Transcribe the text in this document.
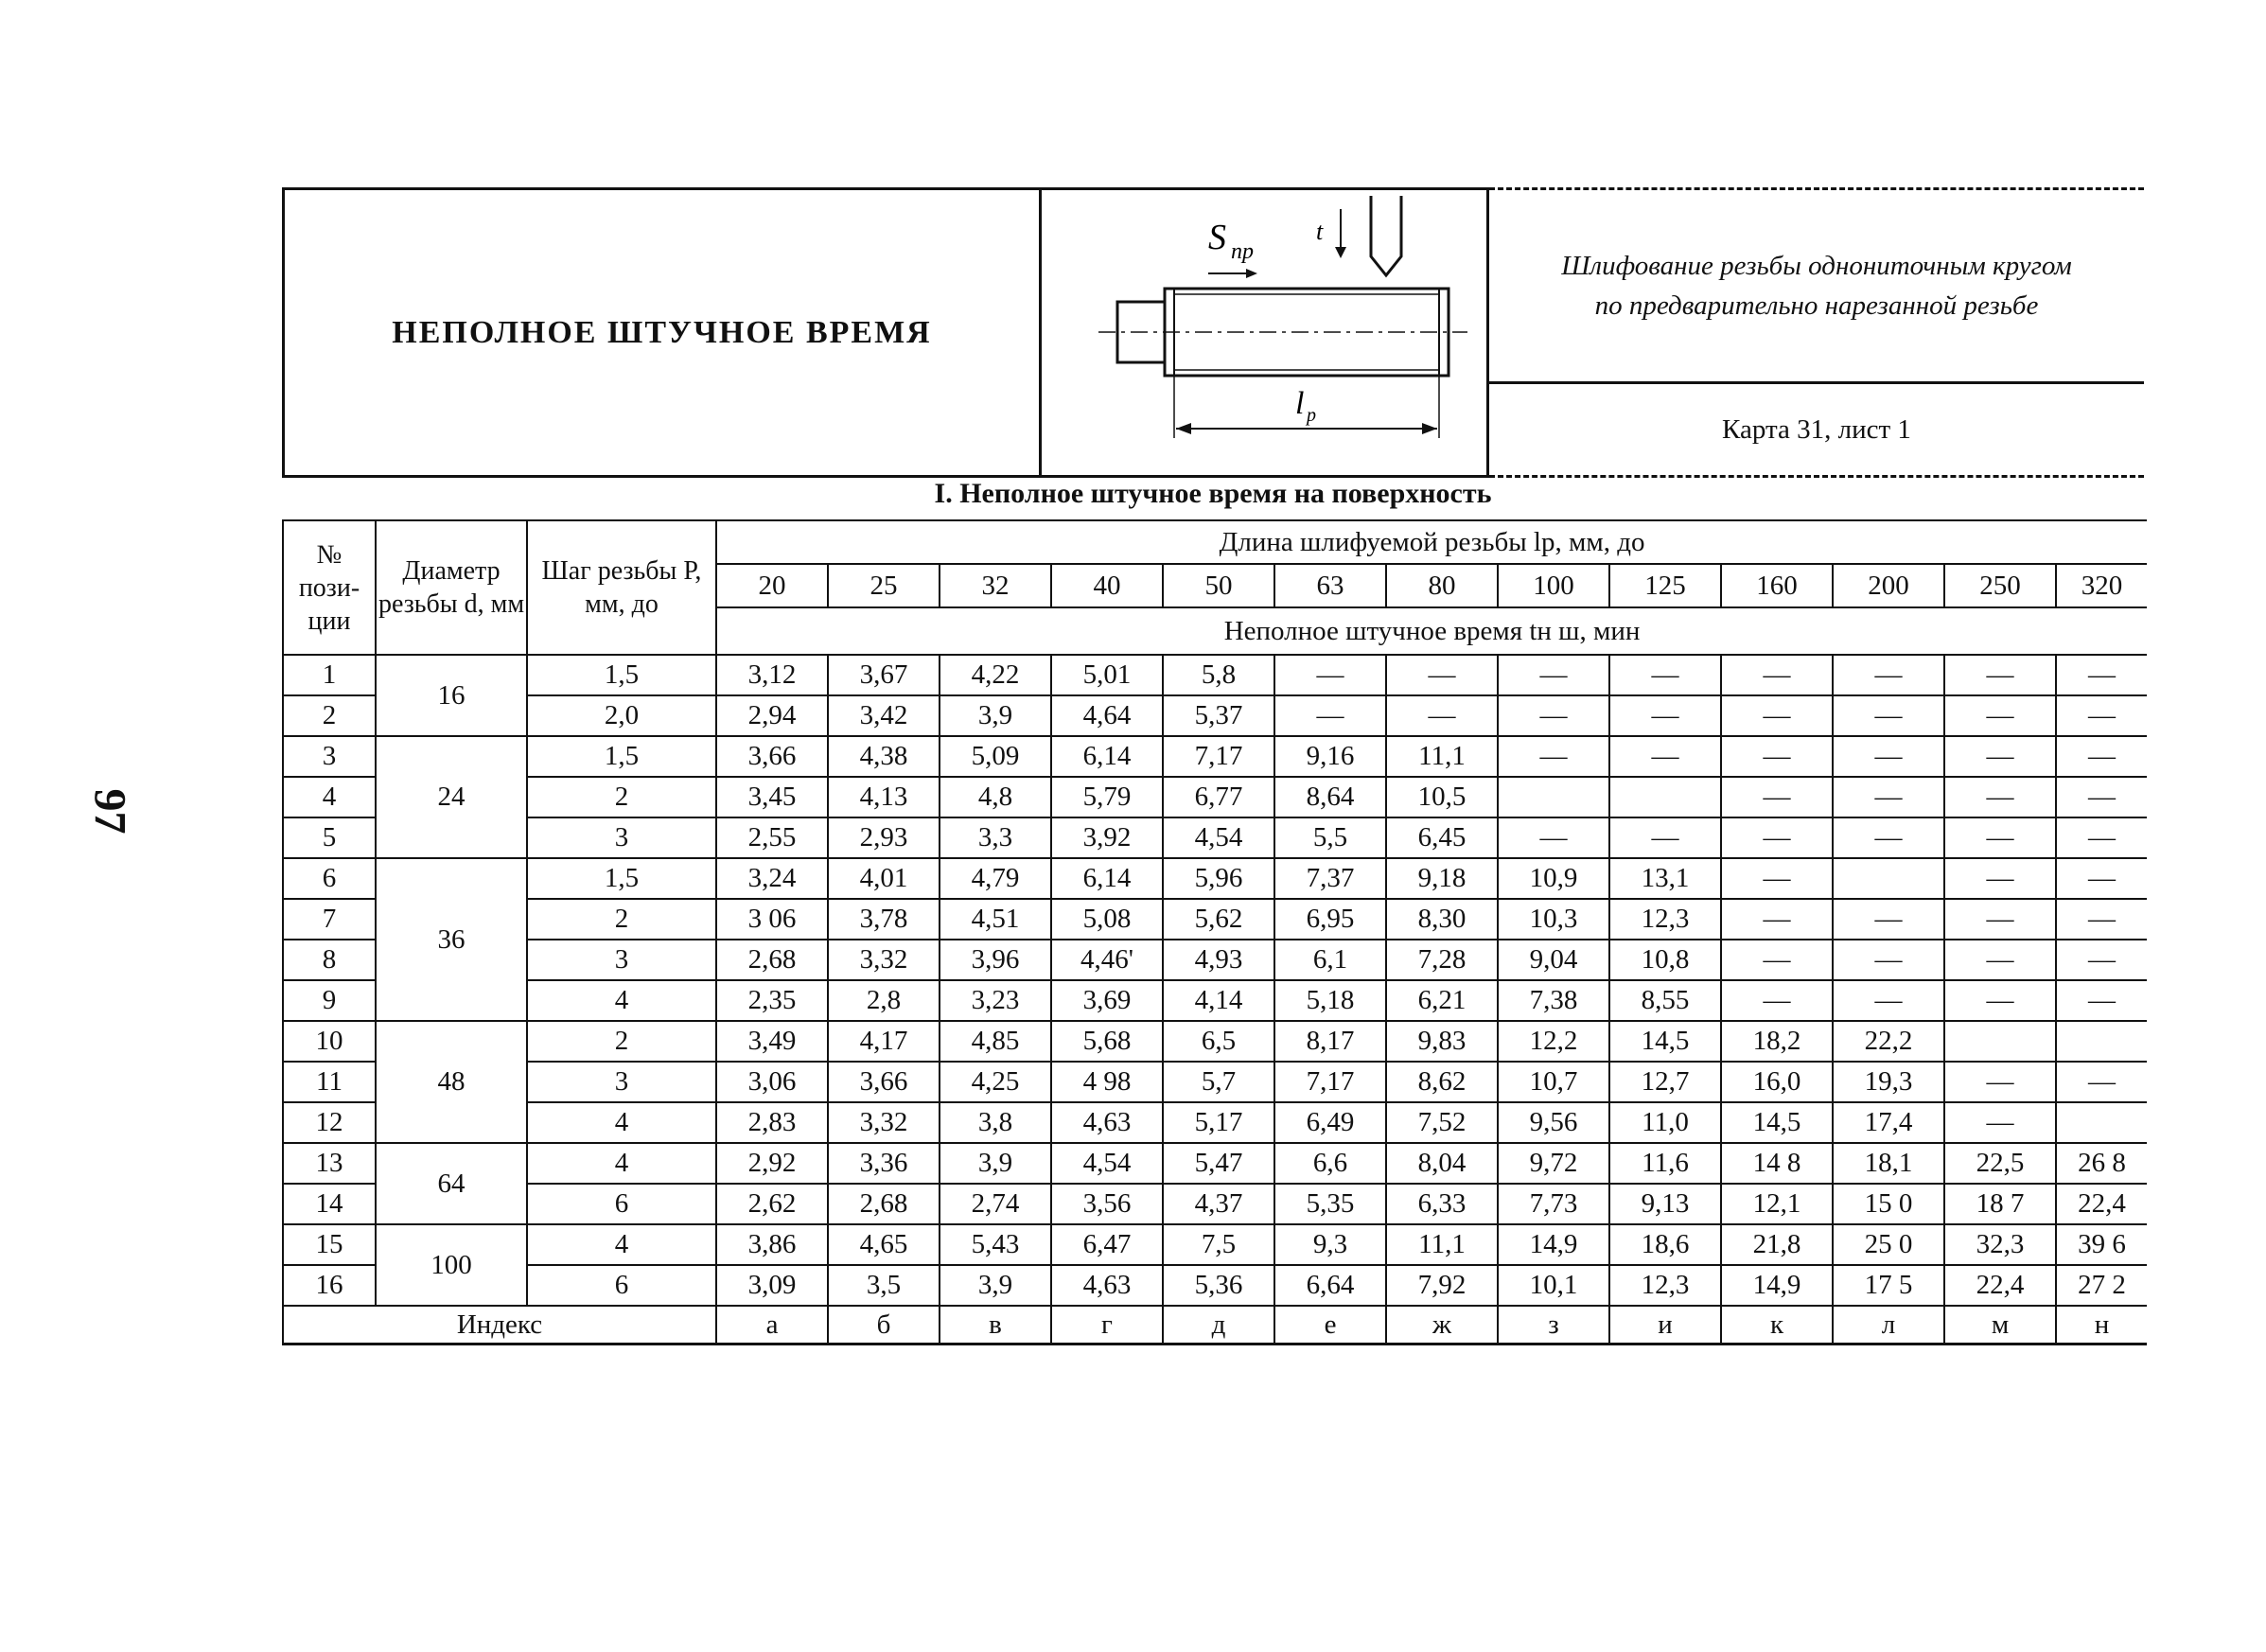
97
НЕПОЛНОЕ ШТУЧНОЕ ВРЕМЯ	
t
S пр
l р

Шлифование резьбы однониточным кругом
по предварительно нарезанной резьбе

Карта 31, лист 1
I. Неполное штучное время на поверхность
№ пози- ции	Диаметр резьбы d, мм	Шаг резьбы Р, мм, до	Длина шлифуемой резьбы lр, мм, до												
			20	25	32	40	50	63	80	100	125	160	200	250	320
			Неполное штучное время tн ш, мин												
1	16	1,5	3,12	3,67	4,22	5,01	5,8	—	—	—	—	—	—	—	—
2		2,0	2,94	3,42	3,9	4,64	5,37	—	—	—	—	—	—	—	—
3	24	1,5	3,66	4,38	5,09	6,14	7,17	9,16	11,1	—	—	—	—	—	—
4		2	3,45	4,13	4,8	5,79	6,77	8,64	10,5			—	—	—	—
5		3	2,55	2,93	3,3	3,92	4,54	5,5	6,45	—	—	—	—	—	—
6	36	1,5	3,24	4,01	4,79	6,14	5,96	7,37	9,18	10,9	13,1	—		—	—
7		2	3 06	3,78	4,51	5,08	5,62	6,95	8,30	10,3	12,3	—	—	—	—
8		3	2,68	3,32	3,96	4,46'	4,93	6,1	7,28	9,04	10,8	—	—	—	—
9		4	2,35	2,8	3,23	3,69	4,14	5,18	6,21	7,38	8,55	—	—	—	—
10	48	2	3,49	4,17	4,85	5,68	6,5	8,17	9,83	12,2	14,5	18,2	22,2		
11		3	3,06	3,66	4,25	4 98	5,7	7,17	8,62	10,7	12,7	16,0	19,3	—	—
12		4	2,83	3,32	3,8	4,63	5,17	6,49	7,52	9,56	11,0	14,5	17,4	—	
13	64	4	2,92	3,36	3,9	4,54	5,47	6,6	8,04	9,72	11,6	14 8	18,1	22,5	26 8
14		6	2,62	2,68	2,74	3,56	4,37	5,35	6,33	7,73	9,13	12,1	15 0	18 7	22,4
15	100	4	3,86	4,65	5,43	6,47	7,5	9,3	11,1	14,9	18,6	21,8	25 0	32,3	39 6
16		6	3,09	3,5	3,9	4,63	5,36	6,64	7,92	10,1	12,3	14,9	17 5	22,4	27 2
Индекс			а	б	в	г	д	е	ж	з	и	к	л	м	н
